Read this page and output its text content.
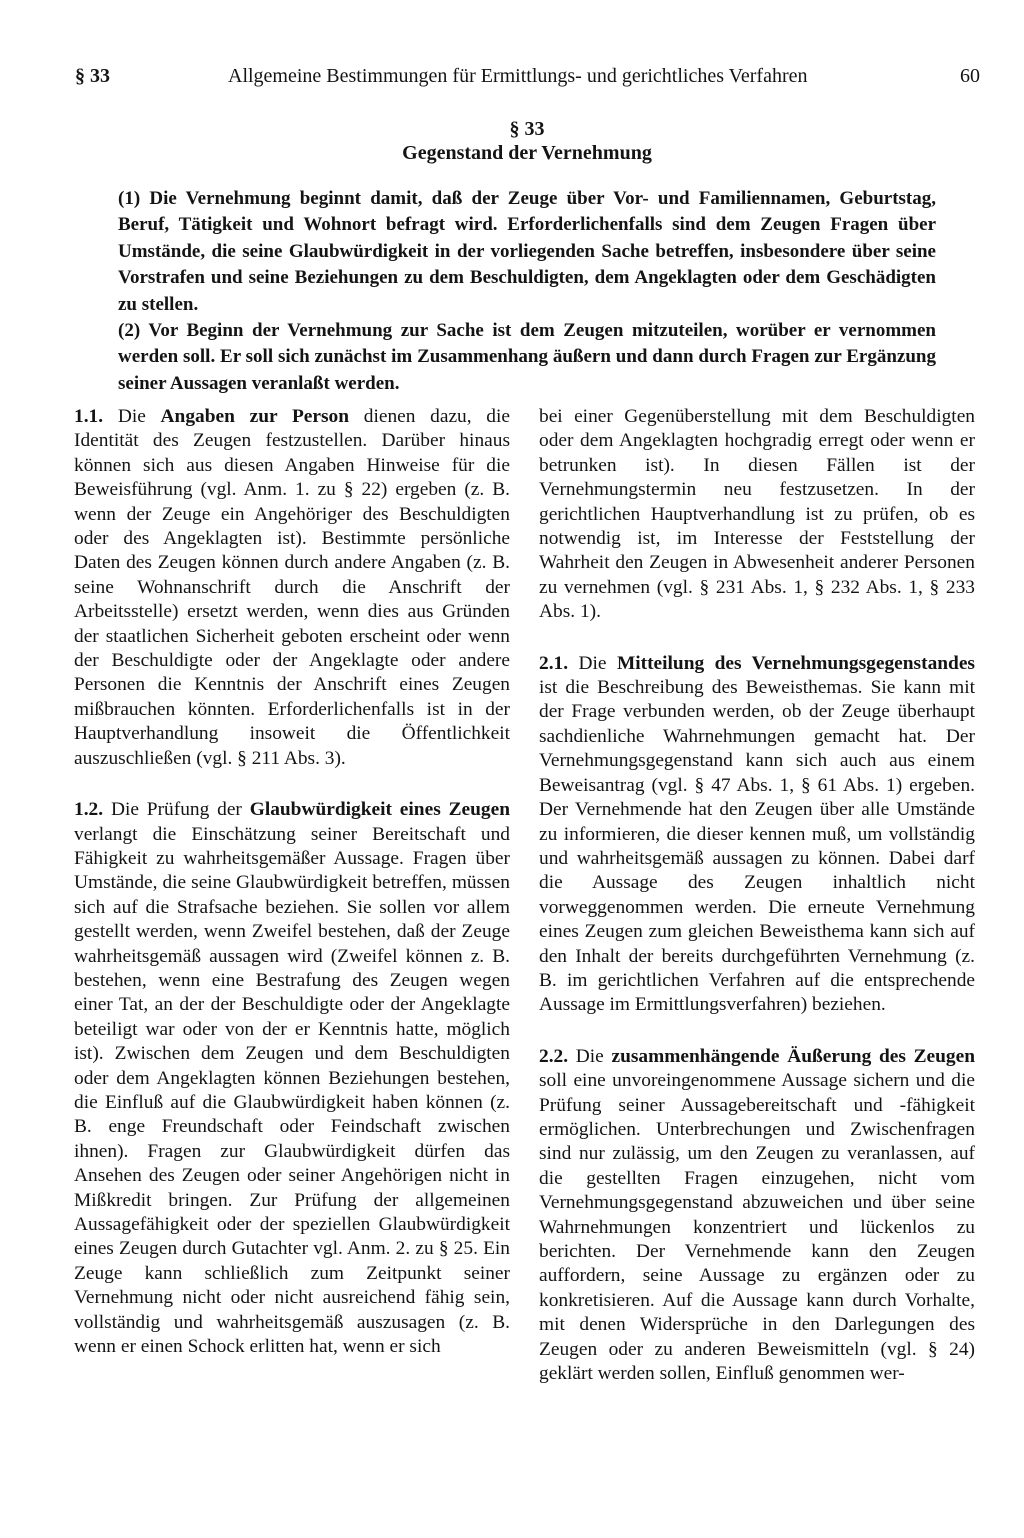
§ 33	Allgemeine Bestimmungen für Ermittlungs- und gerichtliches Verfahren	60
§ 33
Gegenstand der Vernehmung

(1) Die Vernehmung beginnt damit, daß der Zeuge über Vor- und Familiennamen, Geburtstag, Beruf, Tätigkeit und Wohnort befragt wird. Erforderlichenfalls sind dem Zeugen Fragen über Umstände, die seine Glaubwürdigkeit in der vorliegenden Sache betreffen, insbesondere über seine Vorstrafen und seine Beziehungen zu dem Beschuldigten, dem Angeklagten oder dem Geschädigten zu stellen.

(2) Vor Beginn der Vernehmung zur Sache ist dem Zeugen mitzuteilen, worüber er vernommen werden soll. Er soll sich zunächst im Zusammenhang äußern und dann durch Fragen zur Ergänzung seiner Aussagen veranlaßt werden.

1.1. Die Angaben zur Person dienen dazu, die Identität des Zeugen festzustellen. Darüber hinaus können sich aus diesen Angaben Hinweise für die Beweisführung (vgl. Anm. 1. zu § 22) ergeben (z. B. wenn der Zeuge ein Angehöriger des Beschuldigten oder des Angeklagten ist). Bestimmte persönliche Daten des Zeugen können durch andere Angaben (z. B. seine Wohnanschrift durch die Anschrift der Arbeitsstelle) ersetzt werden, wenn dies aus Gründen der staatlichen Sicherheit geboten erscheint oder wenn der Beschuldigte oder der Angeklagte oder andere Personen die Kenntnis der Anschrift eines Zeugen mißbrauchen könnten. Erforderlichenfalls ist in der Hauptverhandlung insoweit die Öffentlichkeit auszuschließen (vgl. § 211 Abs. 3).

1.2. Die Prüfung der Glaubwürdigkeit eines Zeugen verlangt die Einschätzung seiner Bereitschaft und Fähigkeit zu wahrheitsgemäßer Aussage. Fragen über Umstände, die seine Glaubwürdigkeit betreffen, müssen sich auf die Strafsache beziehen. Sie sollen vor allem gestellt werden, wenn Zweifel bestehen, daß der Zeuge wahrheitsgemäß aussagen wird (Zweifel können z. B. bestehen, wenn eine Bestrafung des Zeugen wegen einer Tat, an der der Beschuldigte oder der Angeklagte beteiligt war oder von der er Kenntnis hatte, möglich ist). Zwischen dem Zeugen und dem Beschuldigten oder dem Angeklagten können Beziehungen bestehen, die Einfluß auf die Glaubwürdigkeit haben können (z. B. enge Freundschaft oder Feindschaft zwischen ihnen). Fragen zur Glaubwürdigkeit dürfen das Ansehen des Zeugen oder seiner Angehörigen nicht in Mißkredit bringen. Zur Prüfung der allgemeinen Aussagefähigkeit oder der speziellen Glaubwürdigkeit eines Zeugen durch Gutachter vgl. Anm. 2. zu § 25. Ein Zeuge kann schließlich zum Zeitpunkt seiner Vernehmung nicht oder nicht ausreichend fähig sein, vollständig und wahrheitsgemäß auszusagen (z. B. wenn er einen Schock erlitten hat, wenn er sich

bei einer Gegenüberstellung mit dem Beschuldigten oder dem Angeklagten hochgradig erregt oder wenn er betrunken ist). In diesen Fällen ist der Vernehmungstermin neu festzusetzen. In der gerichtlichen Hauptverhandlung ist zu prüfen, ob es notwendig ist, im Interesse der Feststellung der Wahrheit den Zeugen in Abwesenheit anderer Personen zu vernehmen (vgl. § 231 Abs. 1, § 232 Abs. 1, § 233 Abs. 1).

2.1. Die Mitteilung des Vernehmungsgegenstandes ist die Beschreibung des Beweisthemas. Sie kann mit der Frage verbunden werden, ob der Zeuge überhaupt sachdienliche Wahrnehmungen gemacht hat. Der Vernehmungsgegenstand kann sich auch aus einem Beweisantrag (vgl. § 47 Abs. 1, § 61 Abs. 1) ergeben. Der Vernehmende hat den Zeugen über alle Umstände zu informieren, die dieser kennen muß, um vollständig und wahrheitsgemäß aussagen zu können. Dabei darf die Aussage des Zeugen inhaltlich nicht vorweggenommen werden. Die erneute Vernehmung eines Zeugen zum gleichen Beweisthema kann sich auf den Inhalt der bereits durchgeführten Vernehmung (z. B. im gerichtlichen Verfahren auf die entsprechende Aussage im Ermittlungsverfahren) beziehen.

2.2. Die zusammenhängende Äußerung des Zeugen soll eine unvoreingenommene Aussage sichern und die Prüfung seiner Aussagebereitschaft und -fähigkeit ermöglichen. Unterbrechungen und Zwischenfragen sind nur zulässig, um den Zeugen zu veranlassen, auf die gestellten Fragen einzugehen, nicht vom Vernehmungsgegenstand abzuweichen und über seine Wahrnehmungen konzentriert und lückenlos zu berichten. Der Vernehmende kann den Zeugen auffordern, seine Aussage zu ergänzen oder zu konkretisieren. Auf die Aussage kann durch Vorhalte, mit denen Widersprüche in den Darlegungen des Zeugen oder zu anderen Beweismitteln (vgl. § 24) geklärt werden sollen, Einfluß genommen wer-
